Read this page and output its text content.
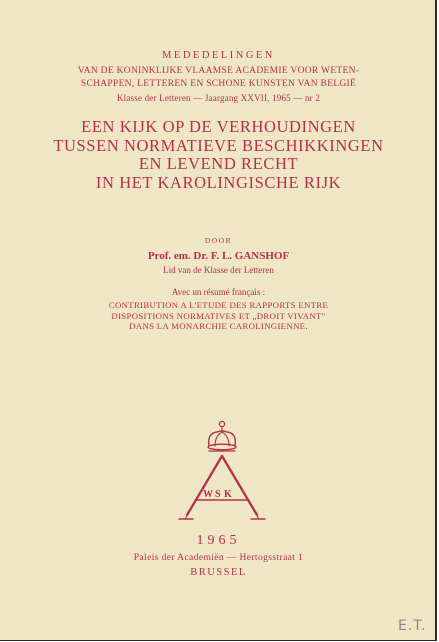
MEDEDELINGEN
VAN DE KONINKLIJKE VLAAMSE ACADEMIE VOOR WETEN-
SCHAPPEN, LETTEREN EN SCHONE KUNSTEN VAN BELGIË
Klasse der Letteren — Jaargang XXVII, 1965 — nr 2
EEN KIJK OP DE VERHOUDINGEN
TUSSEN NORMATIEVE BESCHIKKINGEN
EN LEVEND RECHT
IN HET KAROLINGISCHE RIJK
DOOR
Prof. em. Dr. F. L. GANSHOF
Lid van de Klasse der Letteren
Avec un résumé français :
CONTRIBUTION A L'ETUDE DES RAPPORTS ENTRE
DISPOSITIONS NORMATIVES ET „DROIT VIVANT"
DANS LA MONARCHIE CAROLINGIENNE.
W S K
1965
Paleis der Academiën — Hertogsstraat 1
BRUSSEL
E.T.
